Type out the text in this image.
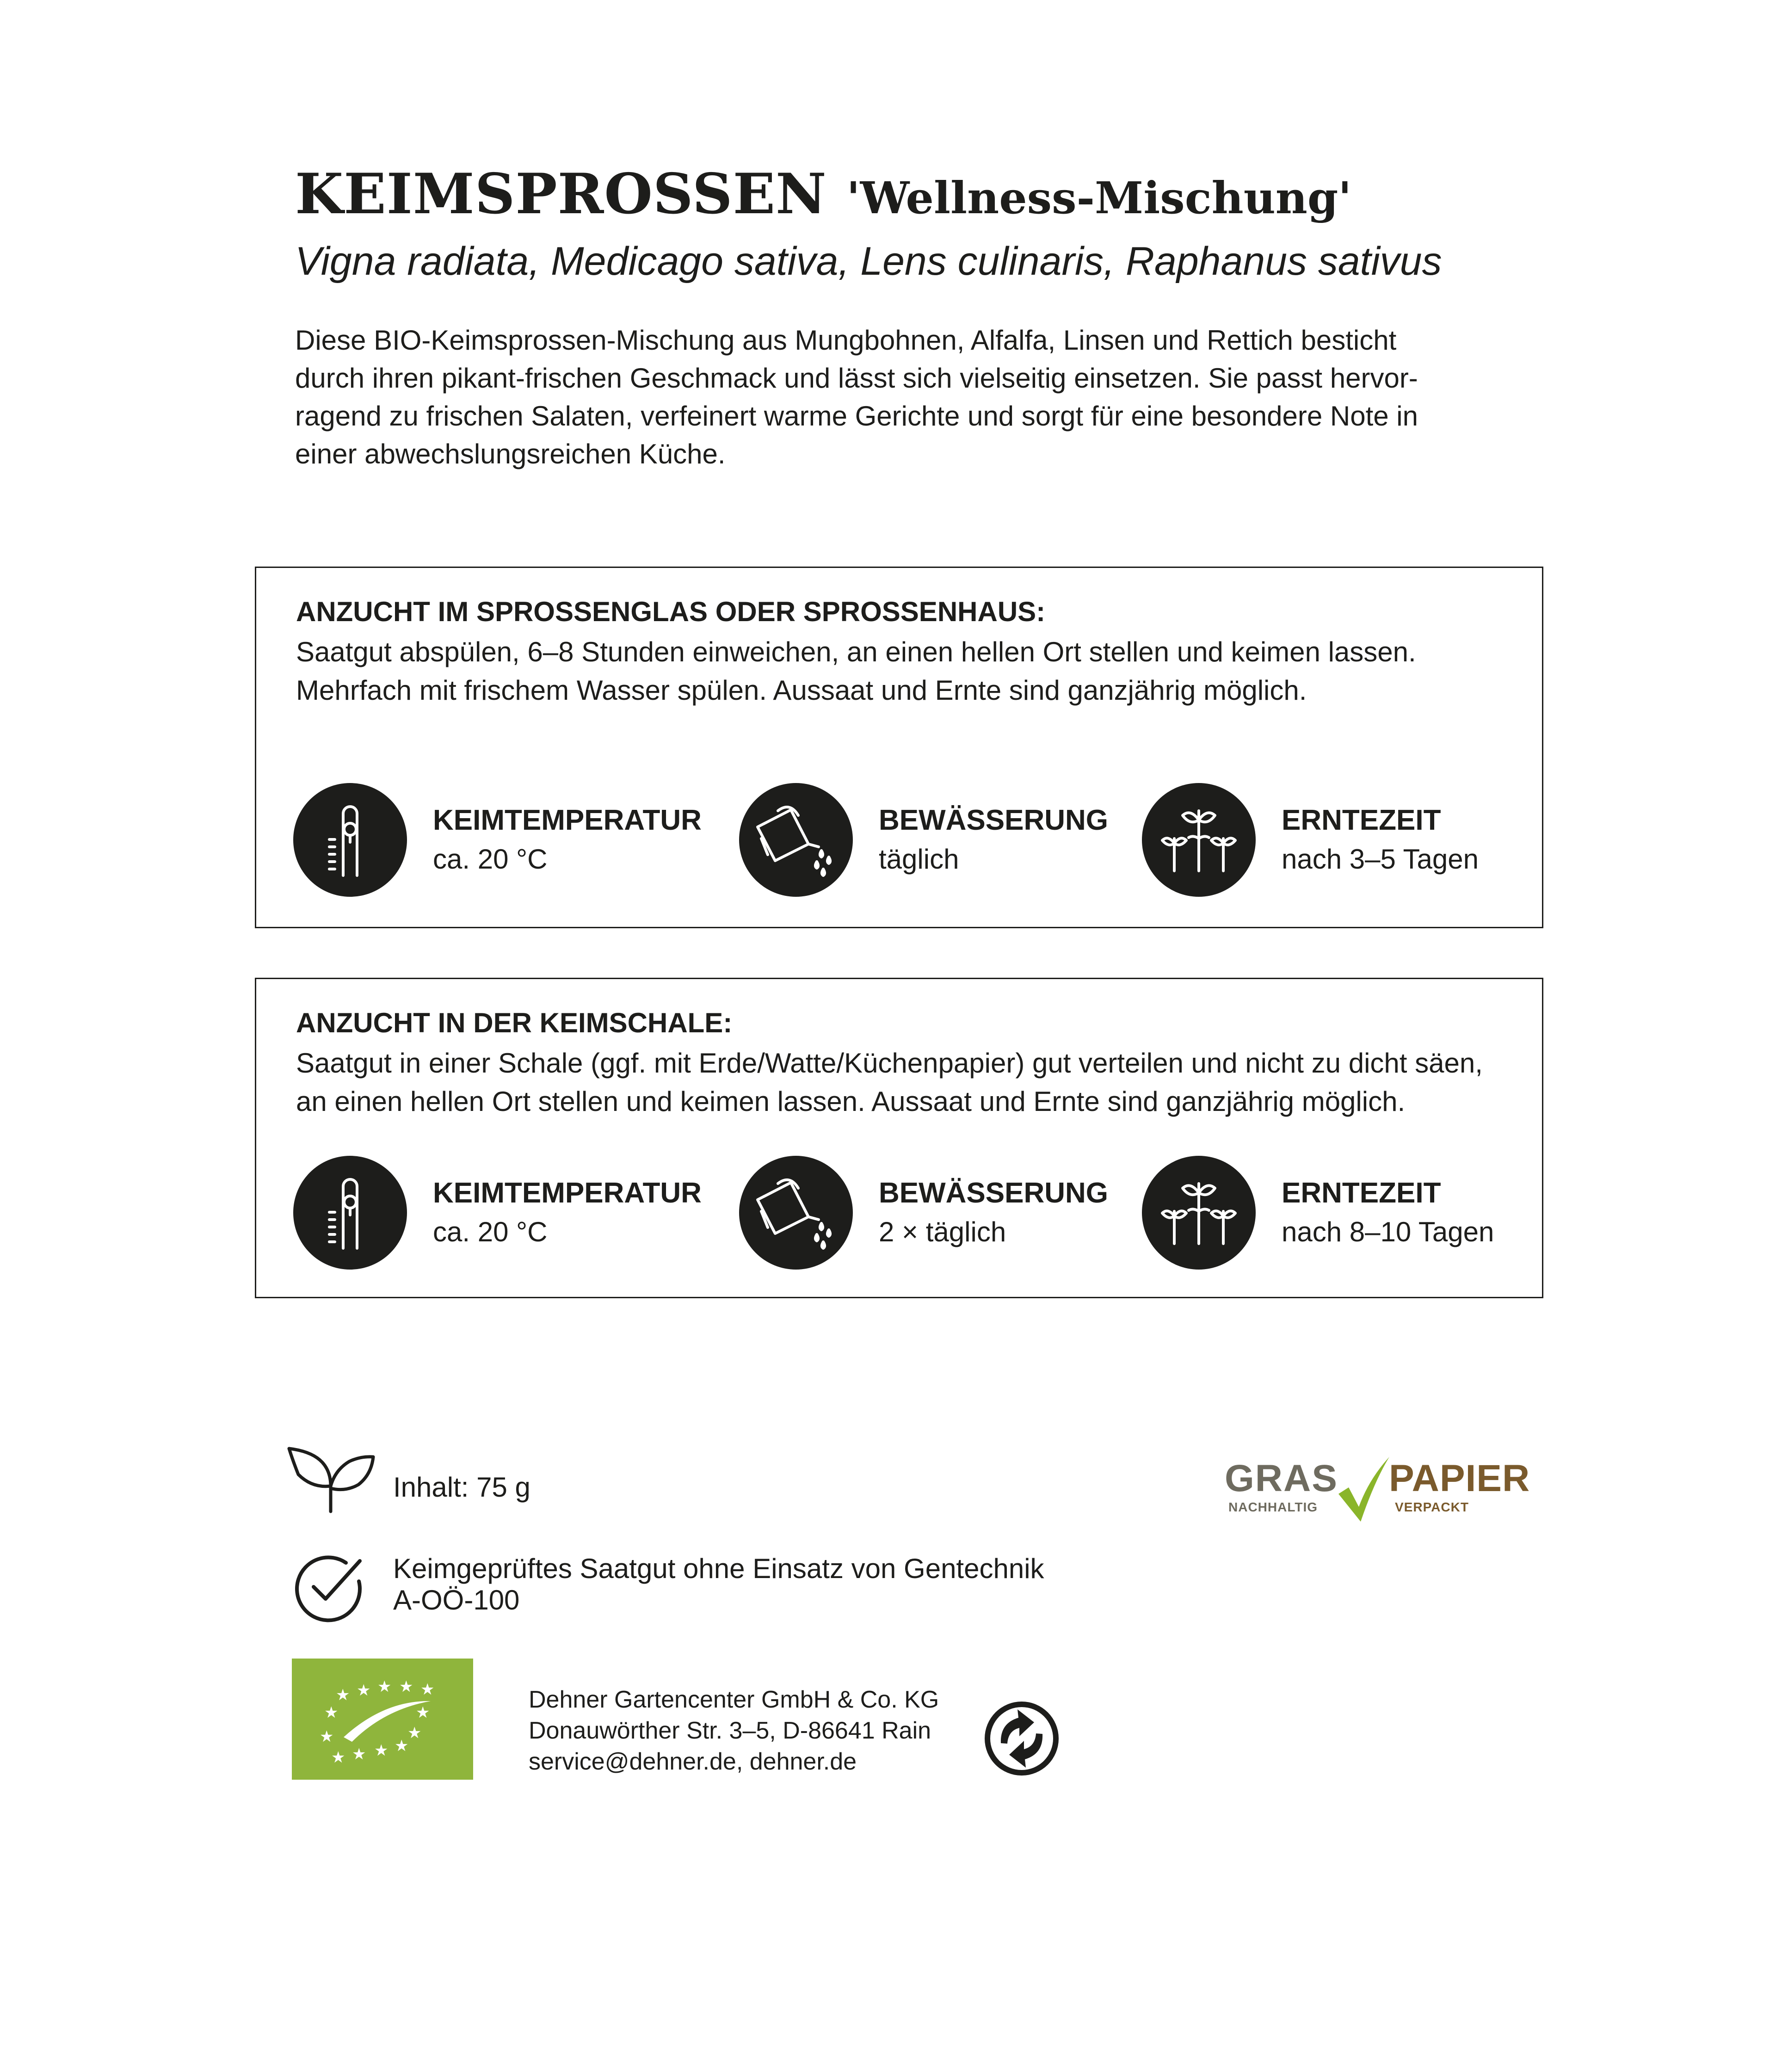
KEIMSPROSSEN 'Wellness-Mischung'

Vigna radiata, Medicago sativa, Lens culinaris, Raphanus sativus

Diese BIO-Keimsprossen-Mischung aus Mungbohnen, Alfalfa, Linsen und Rettich besticht
durch ihren pikant-frischen Geschmack und lässt sich vielseitig einsetzen. Sie passt hervor-
ragend zu frischen Salaten, verfeinert warme Gerichte und sorgt für eine besondere Note in
einer abwechslungsreichen Küche.
ANZUCHT IM SPROSSENGLAS ODER SPROSSENHAUS:
Saatgut abspülen, 6–8 Stunden einweichen, an einen hellen Ort stellen und keimen lassen.
Mehrfach mit frischem Wasser spülen. Aussaat und Ernte sind ganzjährig möglich.
KEIMTEMPERATUR
ca. 20 °C
BEWÄSSERUNG
täglich
ERNTEZEIT
nach 3–5 Tagen
ANZUCHT IN DER KEIMSCHALE:
Saatgut in einer Schale (ggf. mit Erde/Watte/Küchenpapier) gut verteilen und nicht zu dicht säen,
an einen hellen Ort stellen und keimen lassen. Aussaat und Ernte sind ganzjährig möglich.
KEIMTEMPERATUR
ca. 20 °C
BEWÄSSERUNG
2 × täglich
ERNTEZEIT
nach 8–10 Tagen
Inhalt: 75 g
Keimgeprüftes Saatgut ohne Einsatz von Gentechnik
A-OÖ-100
GRAS PAPIER
NACHHALTIG	VERPACKT
★ ★ ★ ★ ★
★	★
★	★
★ ★ ★ ★
Dehner Gartencenter GmbH & Co. KG
Donauwörther Str. 3–5, D-86641 Rain
service@dehner.de, dehner.de
